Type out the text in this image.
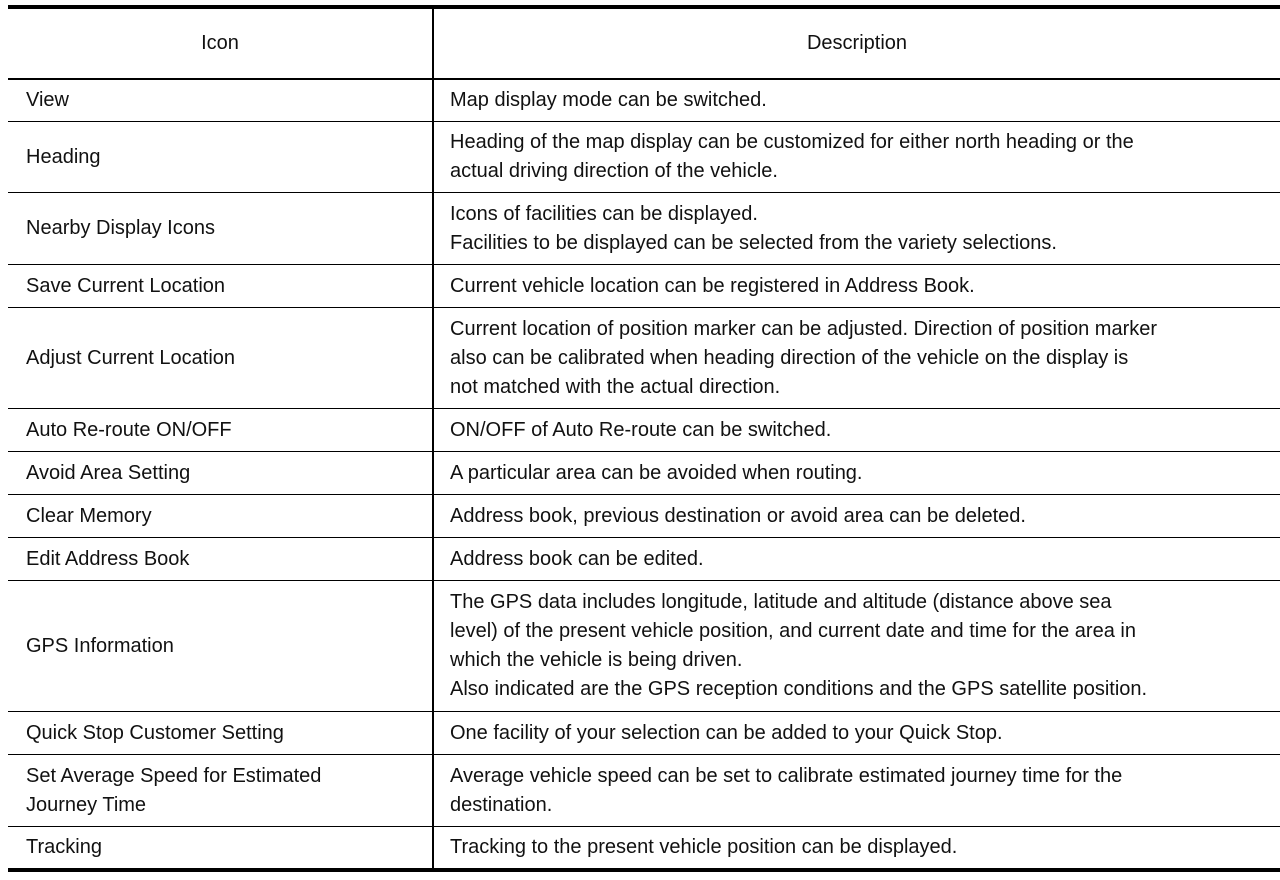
Icon	Description

View	Map display mode can be switched.

Heading	Heading of the map display can be customized for either north heading or the
actual driving direction of the vehicle.

Nearby Display Icons	Icons of facilities can be displayed.
Facilities to be displayed can be selected from the variety selections.

Save Current Location	Current vehicle location can be registered in Address Book.

Adjust Current Location	Current location of position marker can be adjusted. Direction of position marker
also can be calibrated when heading direction of the vehicle on the display is
not matched with the actual direction.

Auto Re-route ON/OFF	ON/OFF of Auto Re-route can be switched.

Avoid Area Setting	A particular area can be avoided when routing.

Clear Memory	Address book, previous destination or avoid area can be deleted.

Edit Address Book	Address book can be edited.

GPS Information	The GPS data includes longitude, latitude and altitude (distance above sea
level) of the present vehicle position, and current date and time for the area in
which the vehicle is being driven.
Also indicated are the GPS reception conditions and the GPS satellite position.

Quick Stop Customer Setting	One facility of your selection can be added to your Quick Stop.

Set Average Speed for Estimated
Journey Time	Average vehicle speed can be set to calibrate estimated journey time for the
destination.

Tracking	Tracking to the present vehicle position can be displayed.
